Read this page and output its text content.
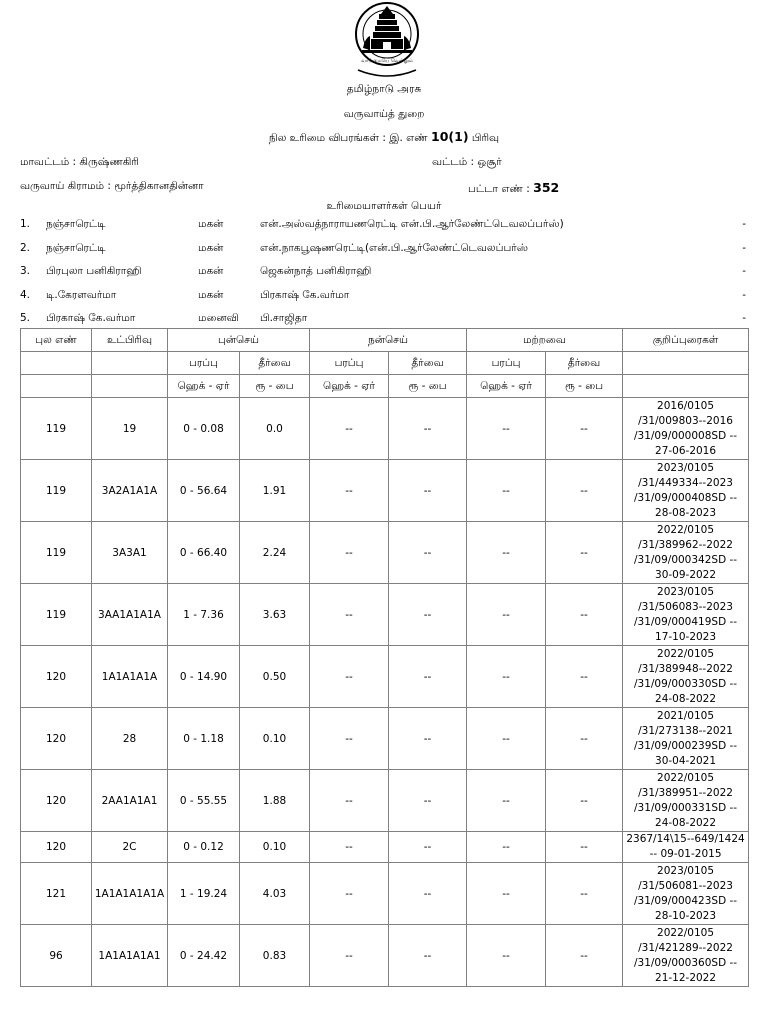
வாய்மையே வெல்லும்
தமிழ்நாடு அரசு
வருவாய்த் துறை
நில உரிமை விபரங்கள் : இ. எண் 10(1) பிரிவு
மாவட்டம் : கிருஷ்ணகிரி	வட்டம் : ஒசூர்
வருவாய் கிராமம் : மூர்த்திகானதின்னா	பட்டா எண் : 352
உரிமையாளர்கள் பெயர்
1. நஞ்சாரெட்டி	மகன்	என்.அஸ்வத்நாராயணரெட்டி என்.பி.ஆர்லேண்ட்டெவலப்பர்ஸ்)	-
2. நஞ்சாரெட்டி	மகன்	என்.நாகபூஷணரெட்டி(என்.பி.ஆர்லேண்ட்டெவலப்பர்ஸ்	-
3. பிரபுலா பனிகிராஹி	மகன்	ஜெகன்நாத் பனிகிராஹி	-
4. டி.கேரளவர்மா	மகன்	பிரகாஷ் கே.வர்மா	-
5. பிரகாஷ் கே.வர்மா	மனைவி பி.சாஜிதா	-
புல எண்	உட்பிரிவு	புன்செய்		நன்செய்		மற்றவை		குறிப்புரைகள்
		பரப்பு	தீர்வை	பரப்பு	தீர்வை	பரப்பு	தீர்வை	
		ஹெக் - ஏர்	ரூ - பை	ஹெக் - ஏர்	ரூ - பை	ஹெக் - ஏர்	ரூ - பை	
119	19	0 - 0.08	0.0	--	--	--	--	2016/0105
/31/009803--2016
/31/09/000008SD --
27-06-2016
119	3A2A1A1A	0 - 56.64	1.91	--	--	--	--	2023/0105
/31/449334--2023
/31/09/000408SD --
28-08-2023
119	3A3A1	0 - 66.40	2.24	--	--	--	--	2022/0105
/31/389962--2022
/31/09/000342SD --
30-09-2022
119	3AA1A1A1A	1 - 7.36	3.63	--	--	--	--	2023/0105
/31/506083--2023
/31/09/000419SD --
17-10-2023
120	1A1A1A1A	0 - 14.90	0.50	--	--	--	--	2022/0105
/31/389948--2022
/31/09/000330SD --
24-08-2022
120	28	0 - 1.18	0.10	--	--	--	--	2021/0105
/31/273138--2021
/31/09/000239SD --
30-04-2021
120	2AA1A1A1	0 - 55.55	1.88	--	--	--	--	2022/0105
/31/389951--2022
/31/09/000331SD --
24-08-2022
120	2C	0 - 0.12	0.10	--	--	--	--	2367/14\15--649/1424
-- 09-01-2015
121	1A1A1A1A1A	1 - 19.24	4.03	--	--	--	--	2023/0105
/31/506081--2023
/31/09/000423SD --
28-10-2023
96	1A1A1A1A1	0 - 24.42	0.83	--	--	--	--	2022/0105
/31/421289--2022
/31/09/000360SD --
21-12-2022
